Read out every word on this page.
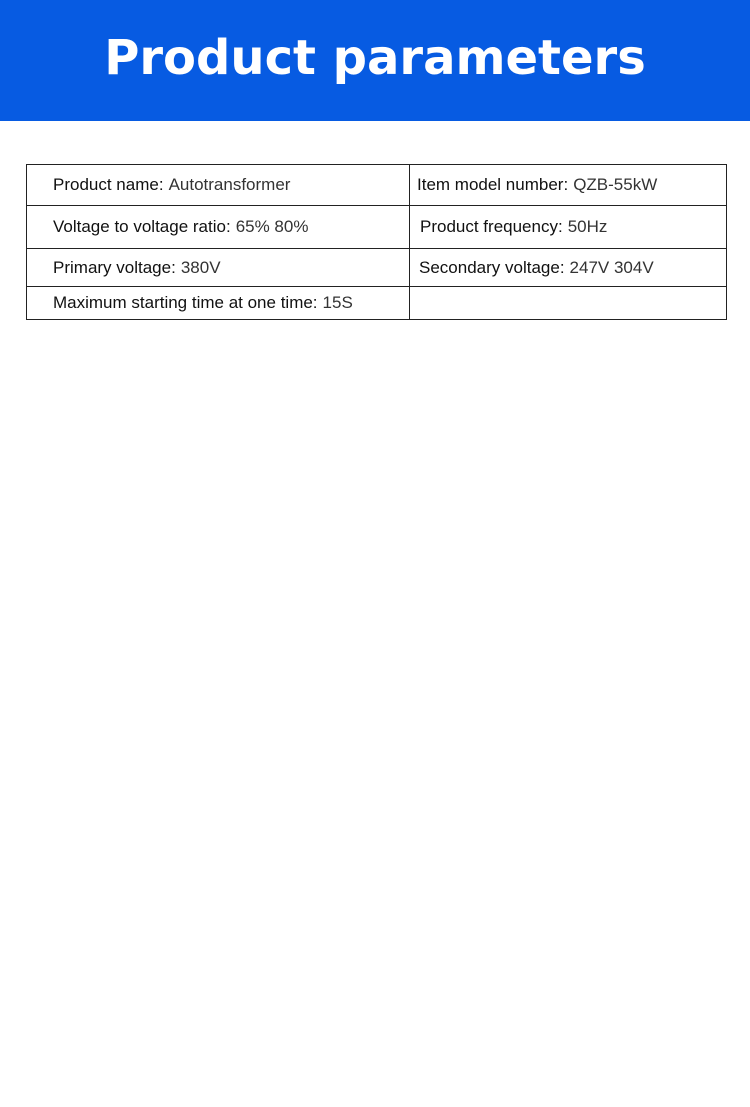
Product parameters
Product name: Autotransformer	Item model number: QZB-55kW

Voltage to voltage ratio: 65% 80%	Product frequency: 50Hz

Primary voltage: 380V	Secondary voltage: 247V 304V

Maximum starting time at one time: 15S	
